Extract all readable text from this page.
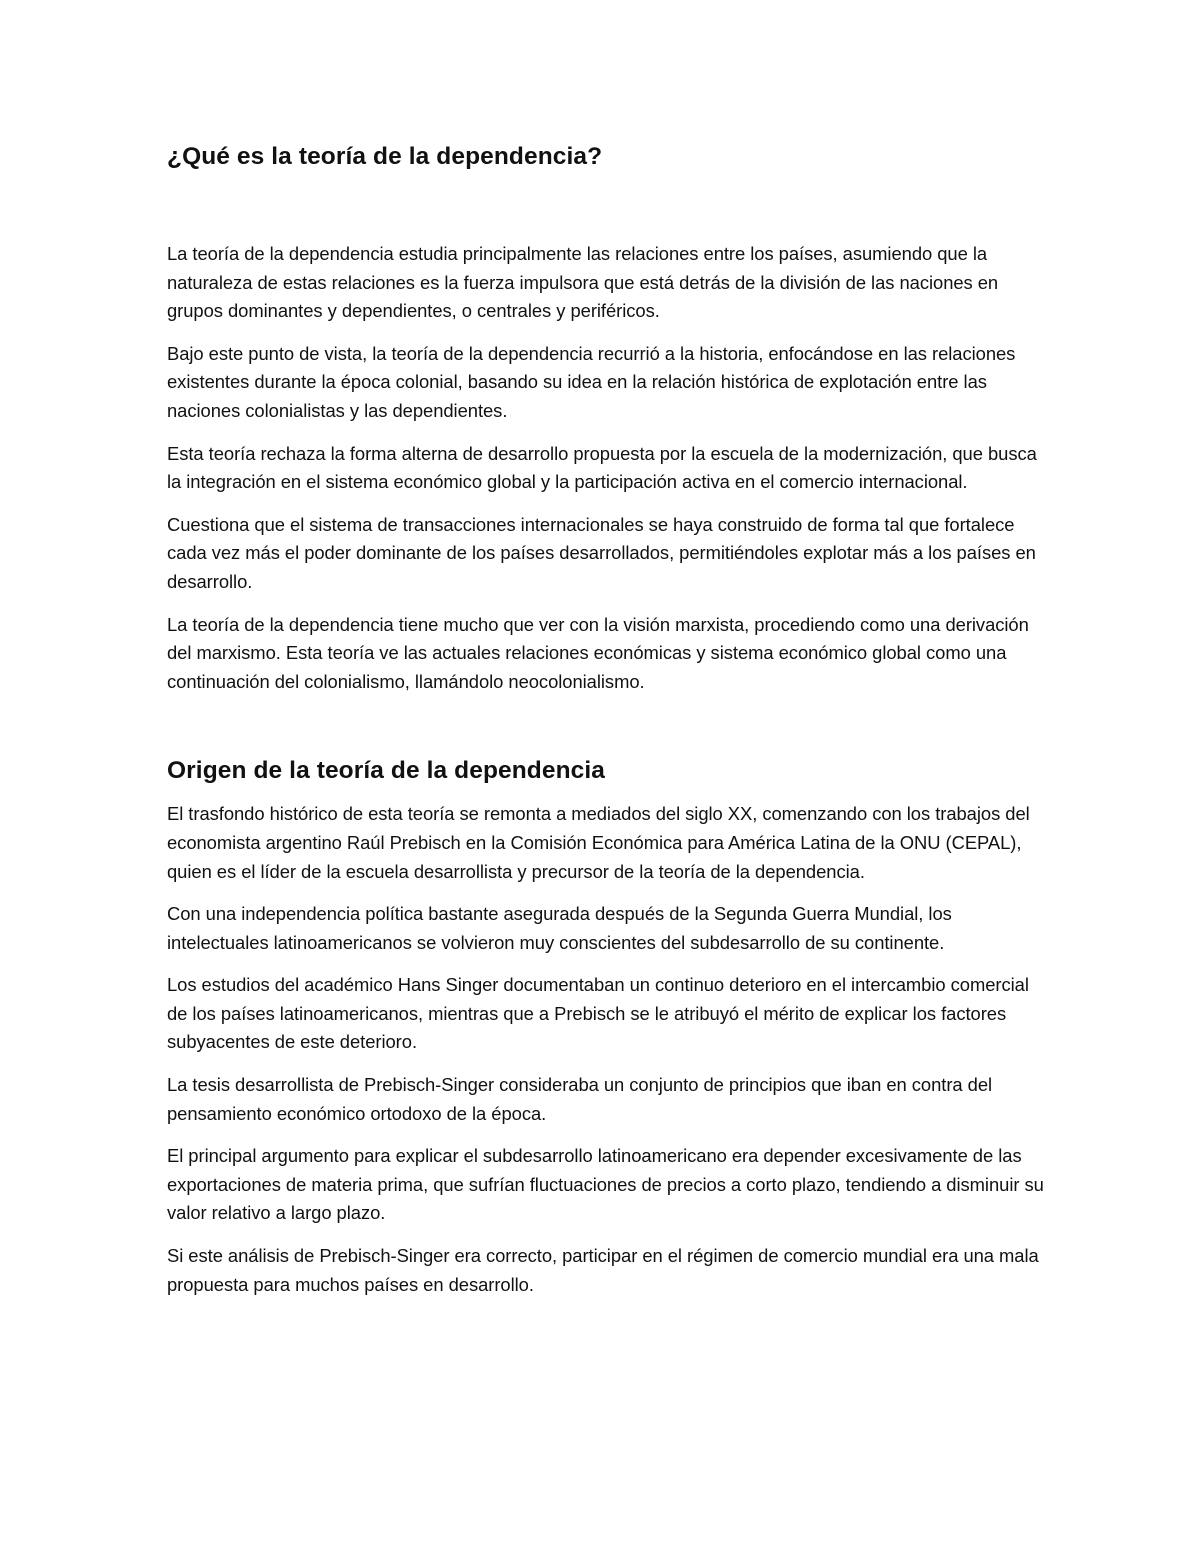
¿Qué es la teoría de la dependencia?

La teoría de la dependencia estudia principalmente las relaciones entre los países, asumiendo que la naturaleza de estas relaciones es la fuerza impulsora que está detrás de la división de las naciones en grupos dominantes y dependientes, o centrales y periféricos.

Bajo este punto de vista, la teoría de la dependencia recurrió a la historia, enfocándose en las relaciones existentes durante la época colonial, basando su idea en la relación histórica de explotación entre las naciones colonialistas y las dependientes.

Esta teoría rechaza la forma alterna de desarrollo propuesta por la escuela de la modernización, que busca la integración en el sistema económico global y la participación activa en el comercio internacional.

Cuestiona que el sistema de transacciones internacionales se haya construido de forma tal que fortalece cada vez más el poder dominante de los países desarrollados, permitiéndoles explotar más a los países en desarrollo.

La teoría de la dependencia tiene mucho que ver con la visión marxista, procediendo como una derivación del marxismo. Esta teoría ve las actuales relaciones económicas y sistema económico global como una continuación del colonialismo, llamándolo neocolonialismo.

Origen de la teoría de la dependencia

El trasfondo histórico de esta teoría se remonta a mediados del siglo XX, comenzando con los trabajos del economista argentino Raúl Prebisch en la Comisión Económica para América Latina de la ONU (CEPAL), quien es el líder de la escuela desarrollista y precursor de la teoría de la dependencia.

Con una independencia política bastante asegurada después de la Segunda Guerra Mundial, los intelectuales latinoamericanos se volvieron muy conscientes del subdesarrollo de su continente.

Los estudios del académico Hans Singer documentaban un continuo deterioro en el intercambio comercial de los países latinoamericanos, mientras que a Prebisch se le atribuyó el mérito de explicar los factores subyacentes de este deterioro.

La tesis desarrollista de Prebisch-Singer consideraba un conjunto de principios que iban en contra del pensamiento económico ortodoxo de la época.

El principal argumento para explicar el subdesarrollo latinoamericano era depender excesivamente de las exportaciones de materia prima, que sufrían fluctuaciones de precios a corto plazo, tendiendo a disminuir su valor relativo a largo plazo.

Si este análisis de Prebisch-Singer era correcto, participar en el régimen de comercio mundial era una mala propuesta para muchos países en desarrollo.
